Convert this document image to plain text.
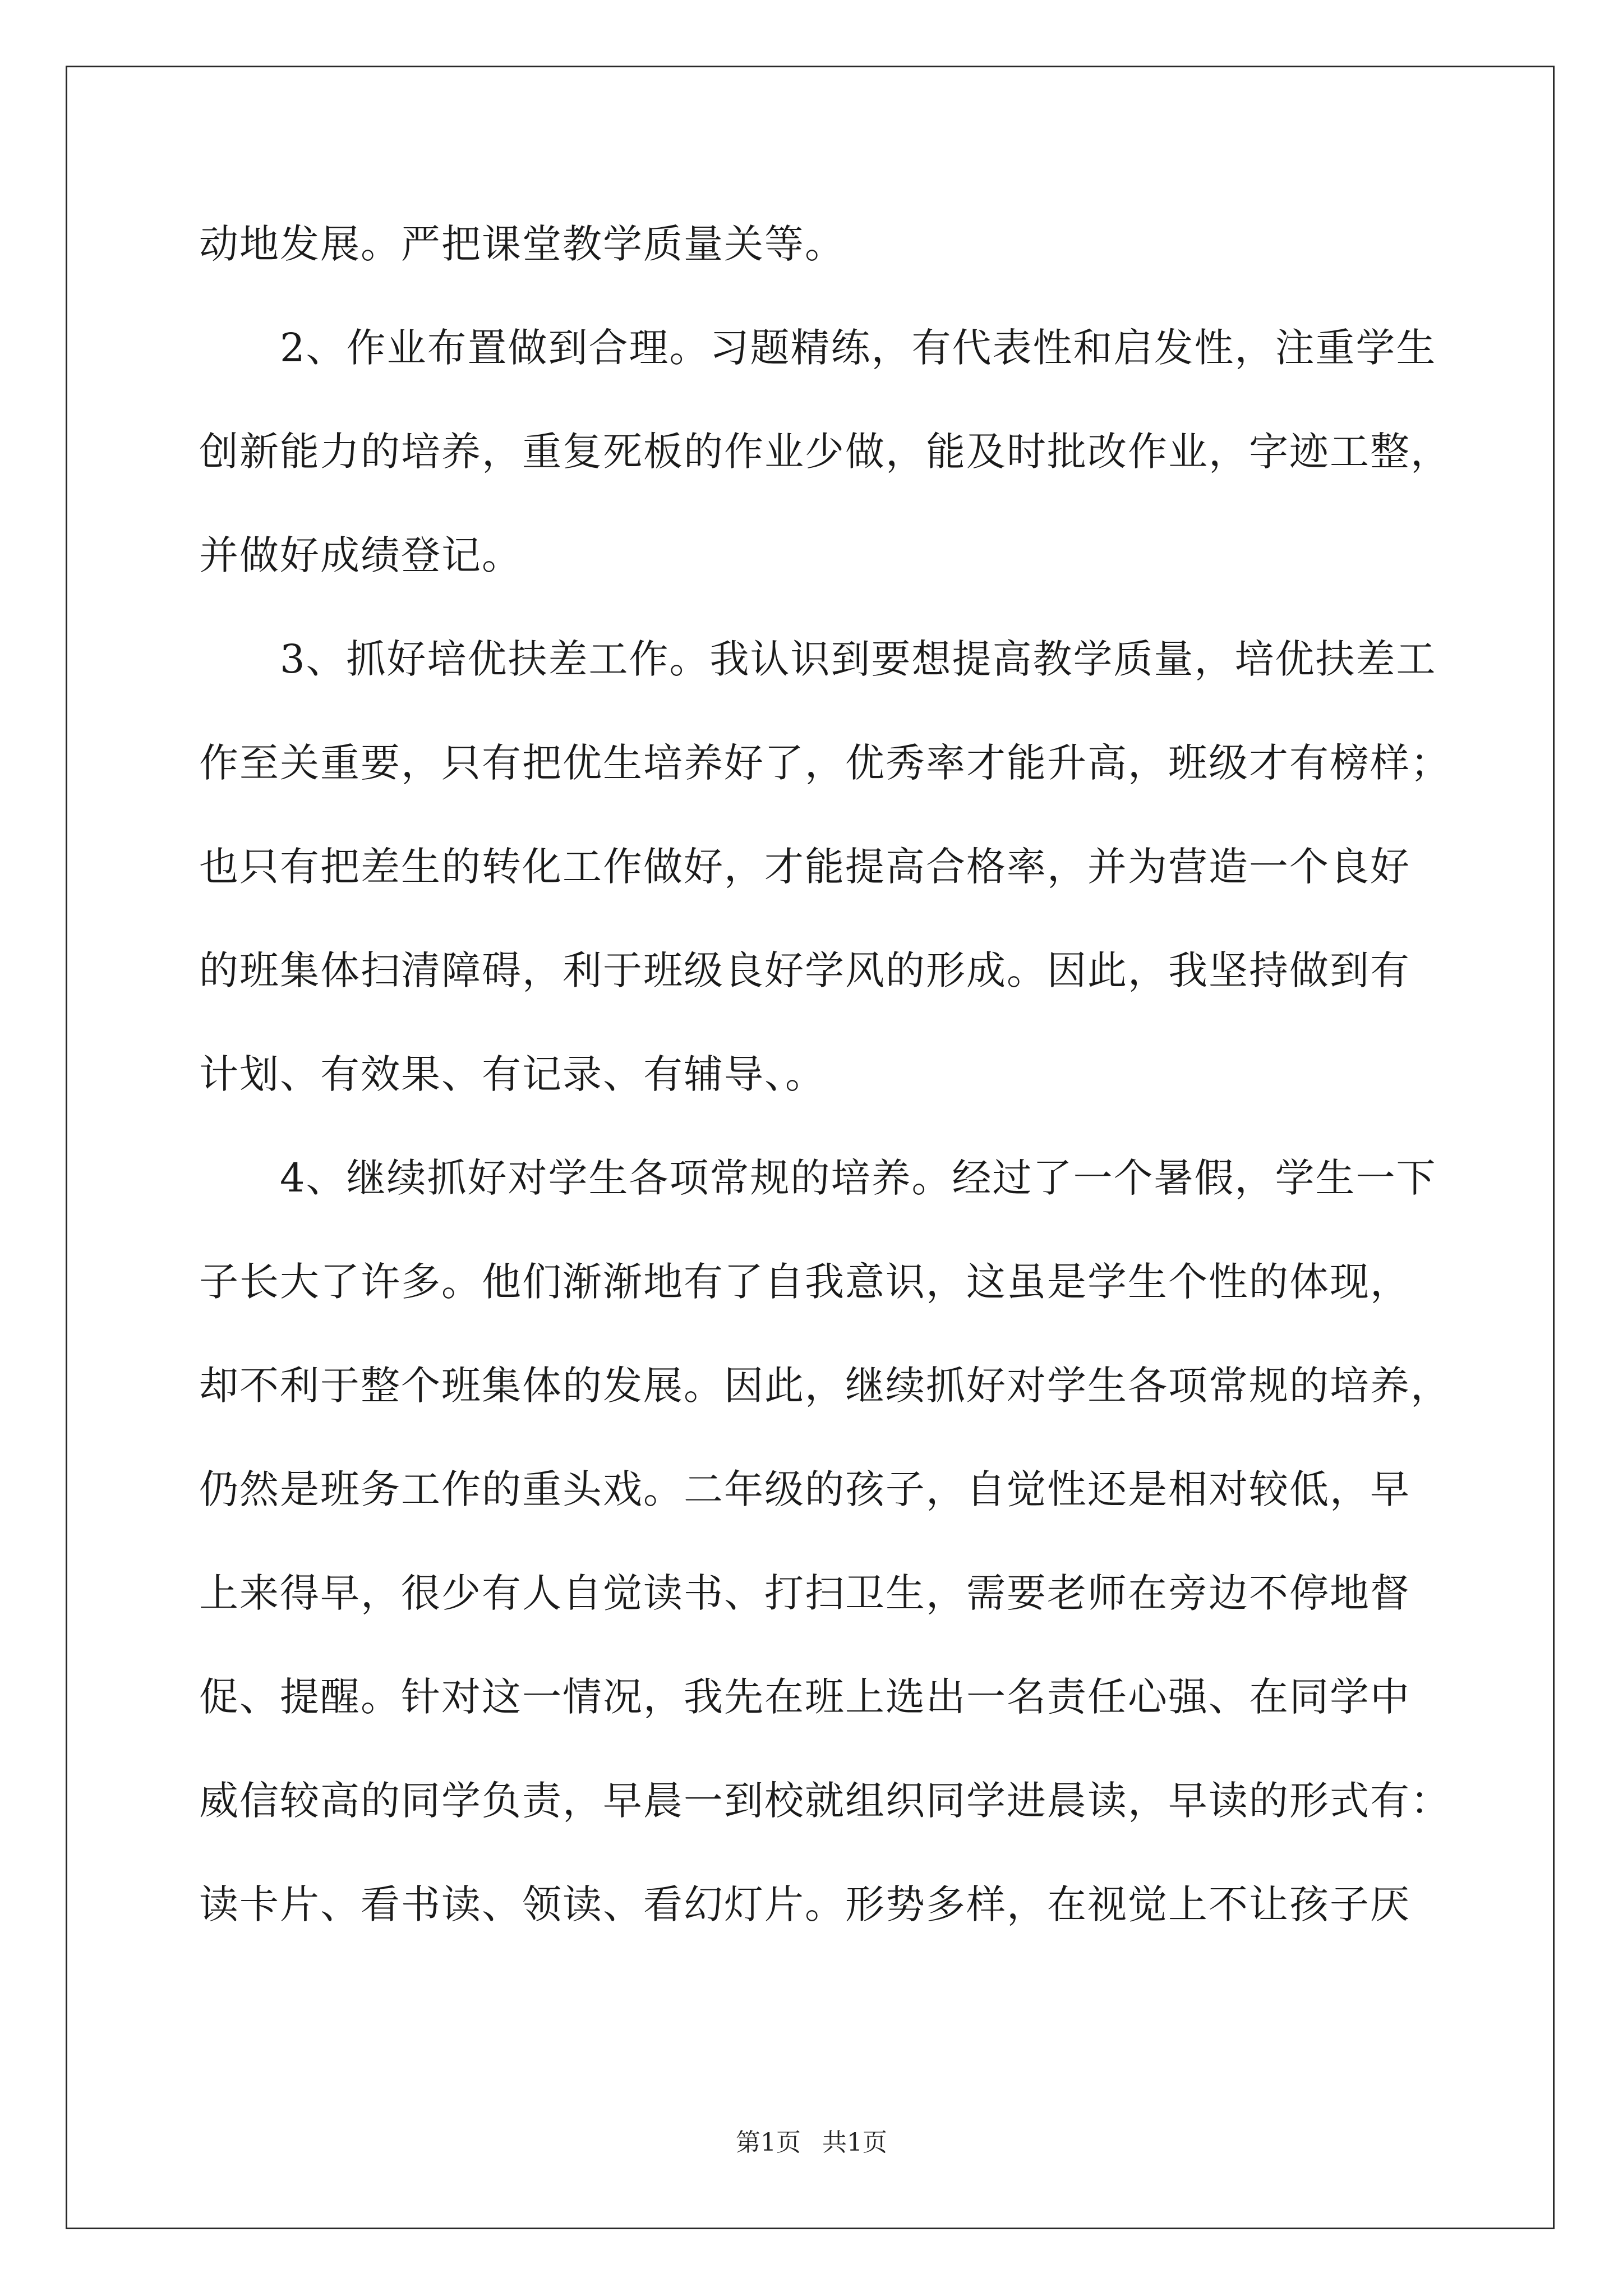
动地发展。严把课堂教学质量关等。
　　2、作业布置做到合理。习题精练，有代表性和启发性，注重学生
创新能力的培养，重复死板的作业少做，能及时批改作业，字迹工整，
并做好成绩登记。
　　3、抓好培优扶差工作。我认识到要想提高教学质量，培优扶差工
作至关重要，只有把优生培养好了，优秀率才能升高，班级才有榜样；
也只有把差生的转化工作做好，才能提高合格率，并为营造一个良好
的班集体扫清障碍，利于班级良好学风的形成。因此，我坚持做到有
计划、有效果、有记录、有辅导、。
　　4、继续抓好对学生各项常规的培养。经过了一个暑假，学生一下
子长大了许多。他们渐渐地有了自我意识，这虽是学生个性的体现，
却不利于整个班集体的发展。因此，继续抓好对学生各项常规的培养，
仍然是班务工作的重头戏。二年级的孩子，自觉性还是相对较低，早
上来得早，很少有人自觉读书、打扫卫生，需要老师在旁边不停地督
促、提醒。针对这一情况，我先在班上选出一名责任心强、在同学中
威信较高的同学负责，早晨一到校就组织同学进晨读，早读的形式有：
读卡片、看书读、领读、看幻灯片。形势多样，在视觉上不让孩子厌
第1页 共1页
